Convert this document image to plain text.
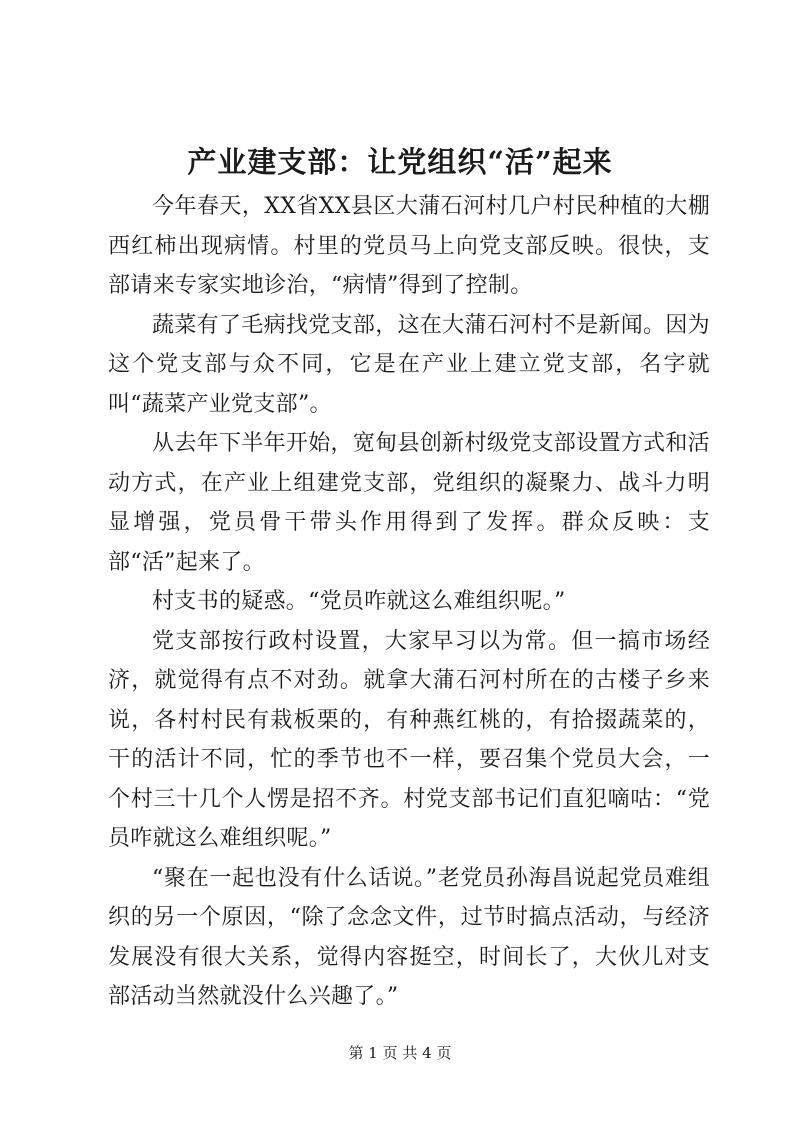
产业建支部：让党组织“活”起来

今年春天，XX省XX县区大蒲石河村几户村民种植的大棚西红柿出现病情。村里的党员马上向党支部反映。很快，支部请来专家实地诊治，“病情”得到了控制。

蔬菜有了毛病找党支部，这在大蒲石河村不是新闻。因为这个党支部与众不同，它是在产业上建立党支部，名字就叫“蔬菜产业党支部”。

从去年下半年开始，宽甸县创新村级党支部设置方式和活动方式，在产业上组建党支部，党组织的凝聚力、战斗力明显增强，党员骨干带头作用得到了发挥。群众反映：支部“活”起来了。

村支书的疑惑。“党员咋就这么难组织呢。”

党支部按行政村设置，大家早习以为常。但一搞市场经济，就觉得有点不对劲。就拿大蒲石河村所在的古楼子乡来说，各村村民有栽板栗的，有种燕红桃的，有拾掇蔬菜的，干的活计不同，忙的季节也不一样，要召集个党员大会，一个村三十几个人愣是招不齐。村党支部书记们直犯嘀咕：“党员咋就这么难组织呢。”

“聚在一起也没有什么话说。”老党员孙海昌说起党员难组织的另一个原因，“除了念念文件，过节时搞点活动，与经济发展没有很大关系，觉得内容挺空，时间长了，大伙儿对支部活动当然就没什么兴趣了。”

第 1 页 共 4 页
